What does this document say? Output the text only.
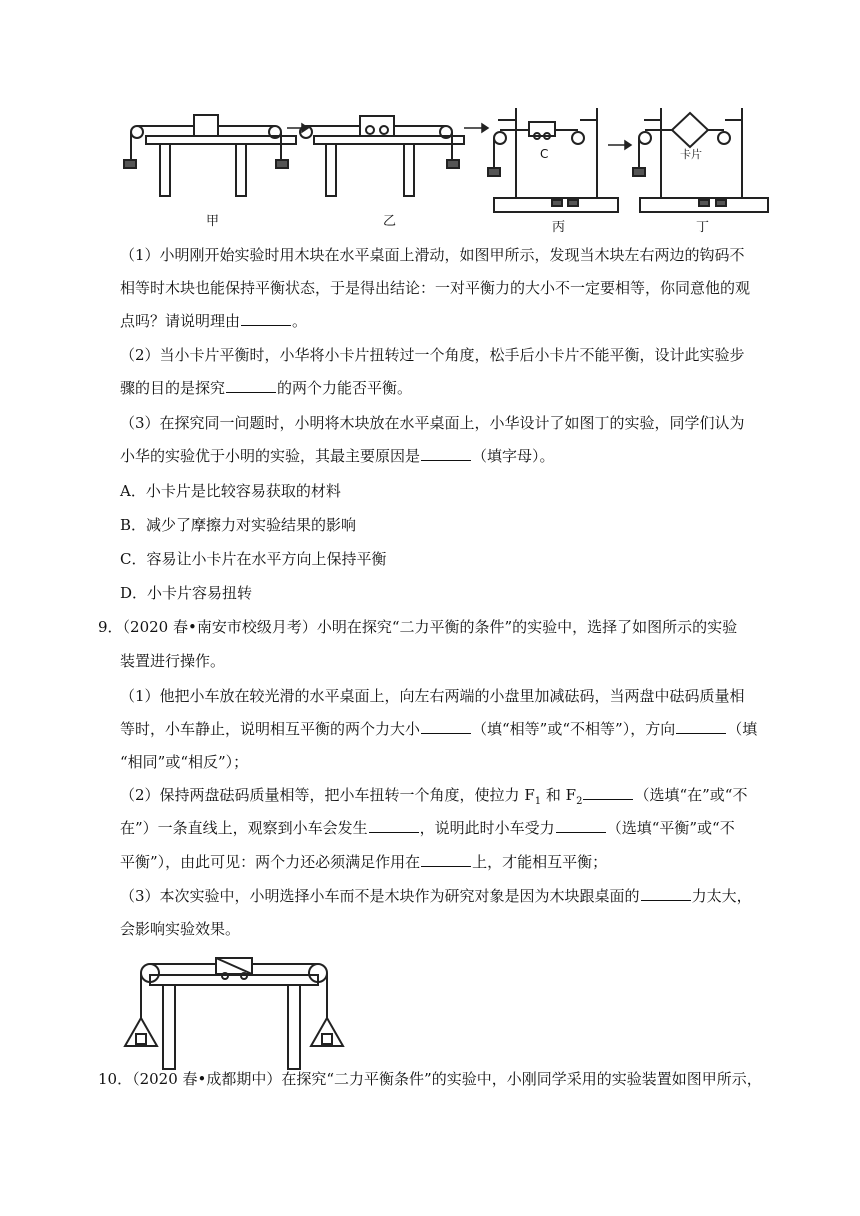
甲	乙
C
丙
卡片
丁
（1）小明刚开始实验时用木块在水平桌面上滑动，如图甲所示，发现当木块左右两边的钩码不
相等时木块也能保持平衡状态，于是得出结论：一对平衡力的大小不一定要相等，你同意他的观
点吗？请说明理由	。
（2）当小卡片平衡时，小华将小卡片扭转过一个角度，松手后小卡片不能平衡，设计此实验步
骤的目的是探究	的两个力能否平衡。
（3）在探究同一问题时，小明将木块放在水平桌面上，小华设计了如图丁的实验，同学们认为
小华的实验优于小明的实验，其最主要原因是	（填字母）。
A．小卡片是比较容易获取的材料
B．减少了摩擦力对实验结果的影响
C．容易让小卡片在水平方向上保持平衡
D．小卡片容易扭转
9．（2020 春•南安市校级月考）小明在探究“二力平衡的条件”的实验中，选择了如图所示的实验
装置进行操作。
（1）他把小车放在较光滑的水平桌面上，向左右两端的小盘里加减砝码，当两盘中砝码质量相
等时，小车静止，说明相互平衡的两个力大小	（填“相等”或“不相等”），方向	（填
“相同”或“相反”）；
（2）保持两盘砝码质量相等，把小车扭转一个角度，使拉力 $F_1$ 和 $F_2$	（选填“在”或“不
在”）一条直线上，观察到小车会发生	，说明此时小车受力	（选填“平衡”或“不
平衡”），由此可见：两个力还必须满足作用在	上，才能相互平衡；
（3）本次实验中，小明选择小车而不是木块作为研究对象是因为木块跟桌面的	力太大，
会影响实验效果。
10．（2020 春•成都期中）在探究“二力平衡条件”的实验中，小刚同学采用的实验装置如图甲所示，
